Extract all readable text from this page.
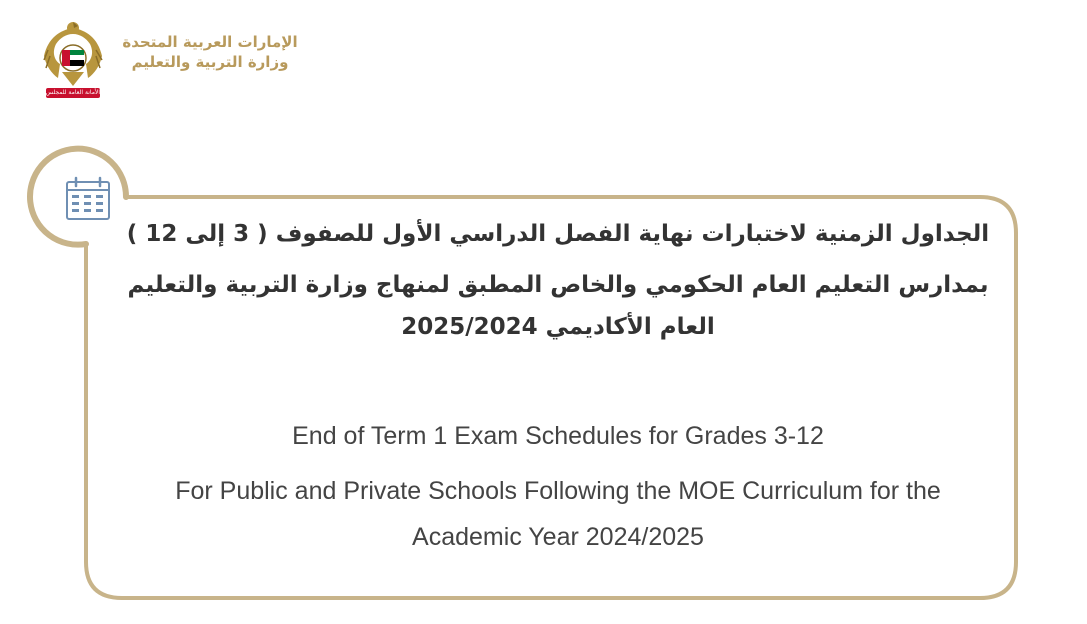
الأمانة العامة للمجلس
الإمارات العربية المتحدة
وزارة التربية والتعليم

الجداول الزمنية لاختبارات نهاية الفصل الدراسي الأول للصفوف ( 3 إلى 12 )

بمدارس التعليم العام الحكومي والخاص المطبق لمنهاج وزارة التربية والتعليم
العام الأكاديمي 2025/2024

End of Term 1 Exam Schedules for Grades 3-12

For Public and Private Schools Following the MOE Curriculum for the
Academic Year 2024/2025
